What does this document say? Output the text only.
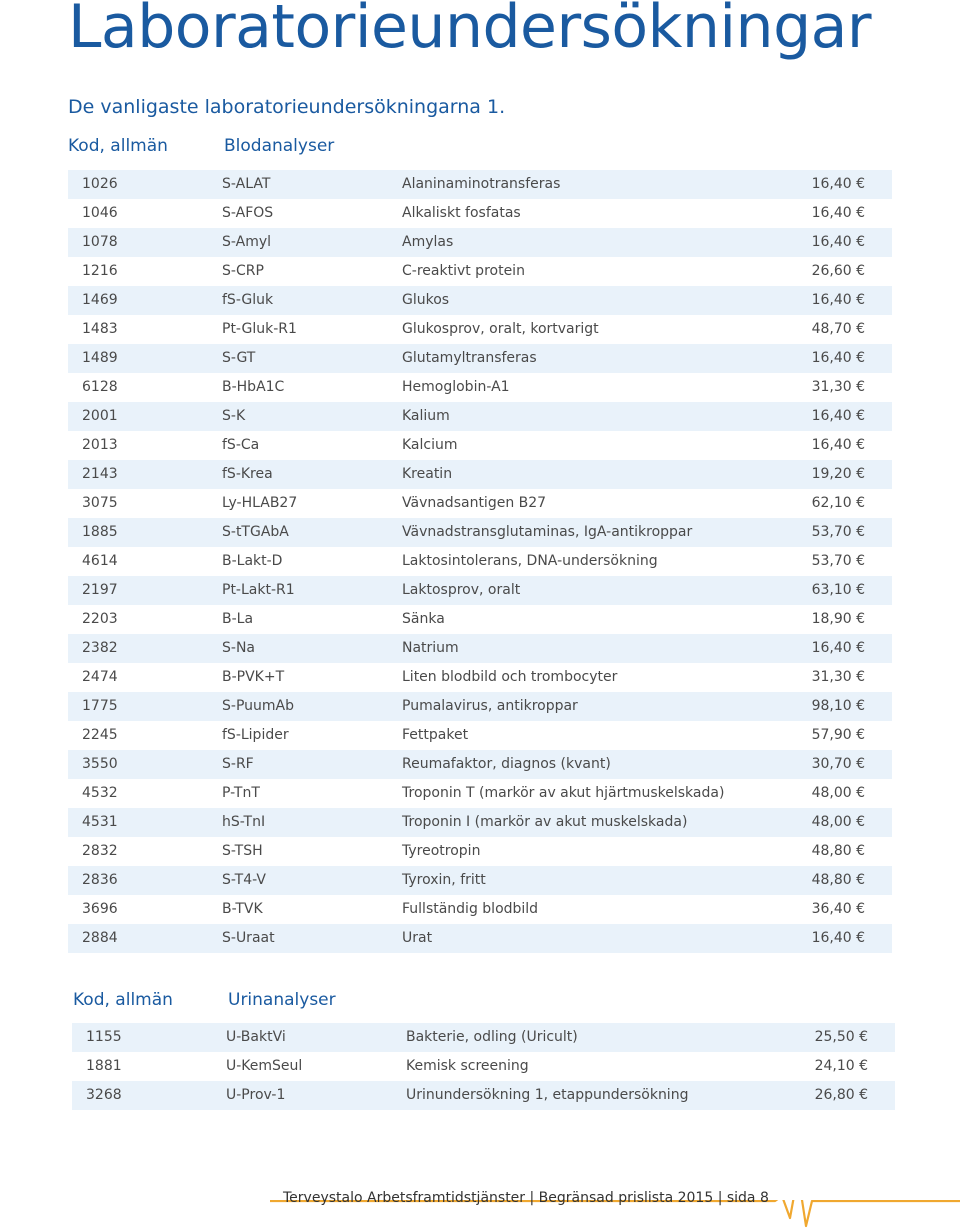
Laboratorieundersökningar
De vanligaste laboratorieundersökningarna 1.
Kod, allmän	Blodanalyser
1026	S-ALAT	Alaninaminotransferas	16,40 €
1046	S-AFOS	Alkaliskt fosfatas	16,40 €
1078	S-Amyl	Amylas	16,40 €
1216	S-CRP	C-reaktivt protein	26,60 €
1469	fS-Gluk	Glukos	16,40 €
1483	Pt-Gluk-R1	Glukosprov, oralt, kortvarigt	48,70 €
1489	S-GT	Glutamyltransferas	16,40 €
6128	B-HbA1C	Hemoglobin-A1	31,30 €
2001	S-K	Kalium	16,40 €
2013	fS-Ca	Kalcium	16,40 €
2143	fS-Krea	Kreatin	19,20 €
3075	Ly-HLAB27	Vävnadsantigen B27	62,10 €
1885	S-tTGAbA	Vävnadstransglutaminas, IgA-antikroppar	53,70 €
4614	B-Lakt-D	Laktosintolerans, DNA-undersökning	53,70 €
2197	Pt-Lakt-R1	Laktosprov, oralt	63,10 €
2203	B-La	Sänka	18,90 €
2382	S-Na	Natrium	16,40 €
2474	B-PVK+T	Liten blodbild och trombocyter	31,30 €
1775	S-PuumAb	Pumalavirus, antikroppar	98,10 €
2245	fS-Lipider	Fettpaket	57,90 €
3550	S-RF	Reumafaktor, diagnos (kvant)	30,70 €
4532	P-TnT	Troponin T (markör av akut hjärtmuskelskada)	48,00 €
4531	hS-TnI	Troponin I (markör av akut muskelskada)	48,00 €
2832	S-TSH	Tyreotropin	48,80 €
2836	S-T4-V	Tyroxin, fritt	48,80 €
3696	B-TVK	Fullständig blodbild	36,40 €
2884	S-Uraat	Urat	16,40 €
Kod, allmän	Urinanalyser
1155	U-BaktVi	Bakterie, odling (Uricult)	25,50 €
1881	U-KemSeul	Kemisk screening	24,10 €
3268	U-Prov-1	Urinundersökning 1, etappundersökning	26,80 €
Terveystalo Arbetsframtidstjänster | Begränsad prislista 2015 | sida 8
